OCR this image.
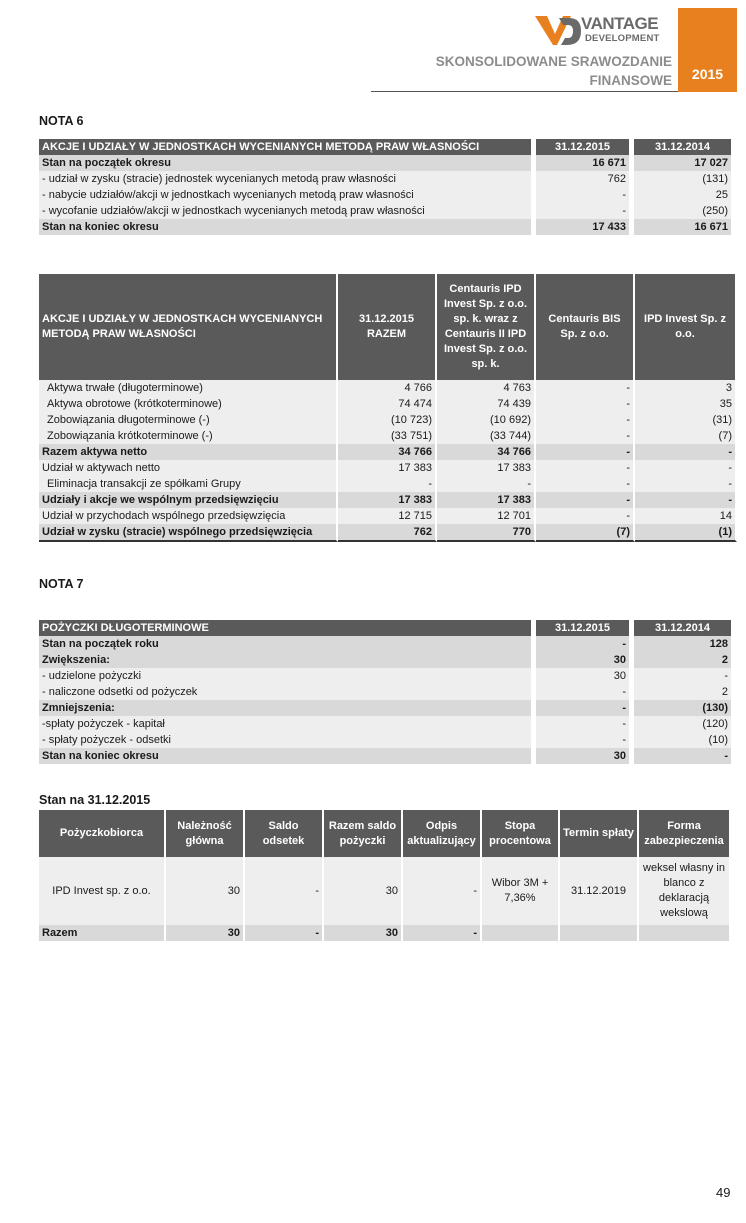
VANTAGE
DEVELOPMENT
SKONSOLIDOWANE SRAWOZDANIE
FINANSOWE	2015
NOTA 6
AKCJE I UDZIAŁY W JEDNOSTKACH WYCENIANYCH METODĄ PRAW WŁASNOŚCI		31.12.2015		31.12.2014
Stan na początek okresu		16 671		17 027
- udział w zysku (stracie) jednostek wycenianych metodą praw własności		762		(131)
- nabycie udziałów/akcji w jednostkach wycenianych metodą praw własności		-		25
- wycofanie udziałów/akcji w jednostkach wycenianych metodą praw własności		-		(250)
Stan na koniec okresu		17 433		16 671
AKCJE I UDZIAŁY W JEDNOSTKACH WYCENIANYCH METODĄ PRAW WŁASNOŚCI	31.12.2015 RAZEM	Centauris IPD Invest Sp. z o.o. sp. k. wraz z Centauris II IPD Invest Sp. z o.o. sp. k.	Centauris BIS Sp. z o.o.	IPD Invest Sp. z o.o.
Aktywa trwałe (długoterminowe)	4 766	4 763	-	3
Aktywa obrotowe (krótkoterminowe)	74 474	74 439	-	35
Zobowiązania długoterminowe (-)	(10 723)	(10 692)	-	(31)
Zobowiązania krótkoterminowe (-)	(33 751)	(33 744)	-	(7)
Razem aktywa netto	34 766	34 766	-	-
Udział w aktywach netto	17 383	17 383	-	-
Eliminacja transakcji ze spółkami Grupy	-	-	-	-
Udziały i akcje we wspólnym przedsięwzięciu	17 383	17 383	-	-
Udział w przychodach wspólnego przedsięwzięcia	12 715	12 701	-	14
Udział w zysku (stracie) wspólnego przedsięwzięcia	762	770	(7)	(1)
NOTA 7
POŻYCZKI DŁUGOTERMINOWE		31.12.2015		31.12.2014
Stan na początek roku		-		128
Zwiększenia:		30		2
- udzielone pożyczki		30		-
- naliczone odsetki od pożyczek		-		2
Zmniejszenia:		-		(130)
-spłaty pożyczek - kapitał		-		(120)
- spłaty pożyczek - odsetki		-		(10)
Stan na koniec okresu		30		-
Stan na 31.12.2015
Pożyczkobiorca	Należność główna	Saldo odsetek	Razem saldo pożyczki	Odpis aktualizujący	Stopa procentowa	Termin spłaty	Forma zabezpieczenia
IPD Invest sp. z o.o.	30	-	30	-	Wibor 3M + 7,36%	31.12.2019	weksel własny in blanco z deklaracją wekslową
Razem	30	-	30	-			
49
